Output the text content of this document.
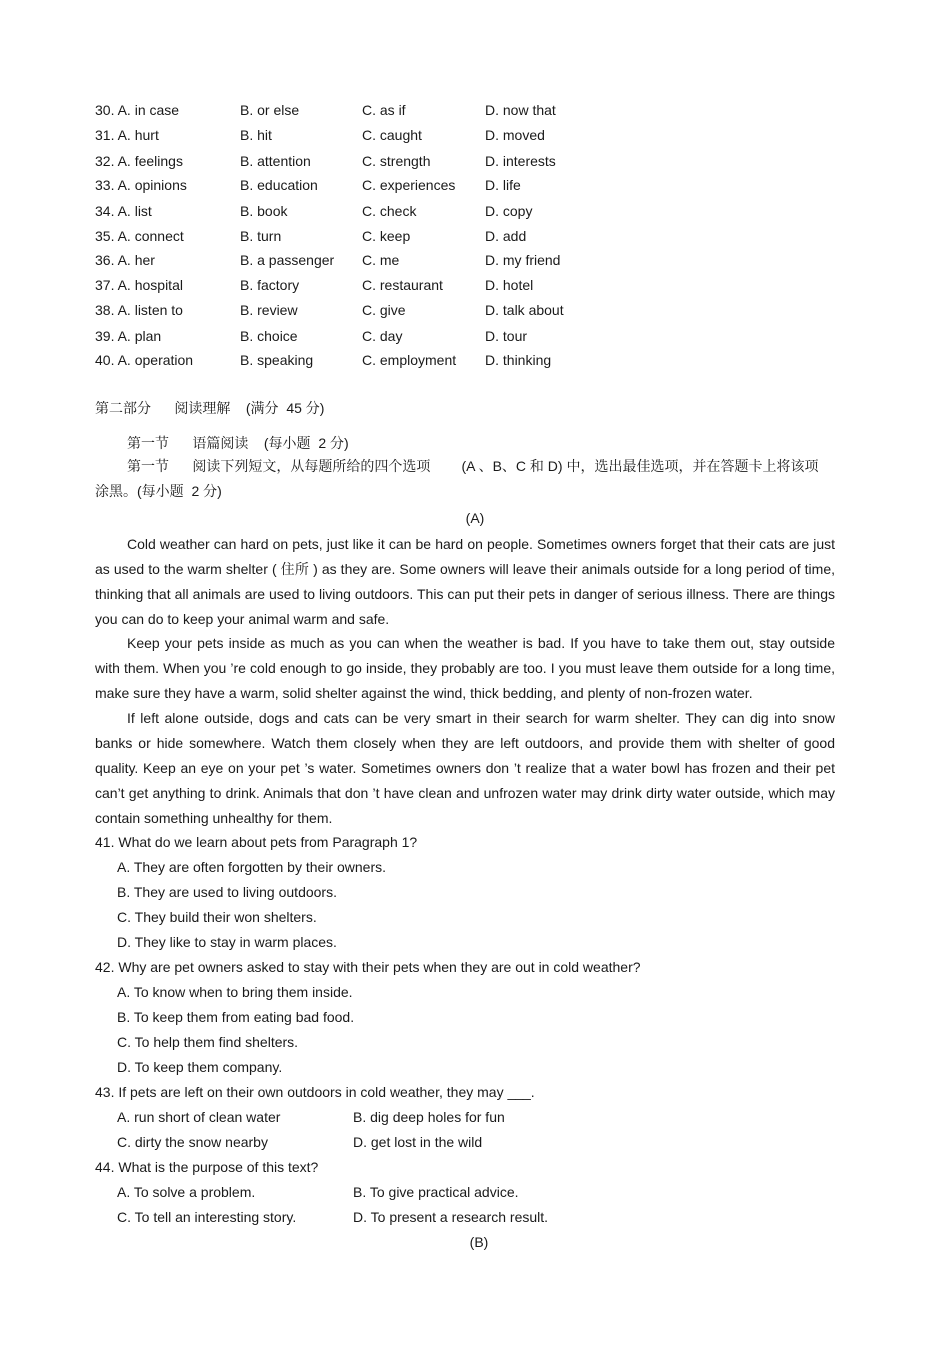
30. A. in case	B. or else	C. as if	D. now that
31. A. hurt	B. hit	C. caught	D. moved
32. A. feelings	B. attention	C. strength	D. interests
33. A. opinions	B. education	C. experiences D. life
34. A. list	B. book	C. check	D. copy
35. A. connect	B. turn	C. keep	D. add
36. A. her	B. a passenger C. me	D. my friend
37. A. hospital	B. factory	C. restaurant	D. hotel
38. A. listen to	B. review	C. give	D. talk about
39. A. plan	B. choice	C. day	D. tour
40. A. operation	B. speaking	C. employment D. thinking
第二部分      阅读理解    (满分  45 分)
第一节      语篇阅读    (每小题  2 分)
第一节      阅读下列短文，从每题所给的四个选项        (A 、B、C 和 D) 中，选出最佳选项，并在答题卡上将该项
涂黑。(每小题  2 分)
(A)

Cold weather can hard on pets, just like it can be hard on people. Sometimes owners forget that their cats are just as used to the warm shelter ( 住所 ) as they are. Some owners will leave their animals outside for a long period of time, thinking that all animals are used to living outdoors. This can put their pets in danger of serious illness. There are things you can do to keep your animal warm and safe.

Keep your pets inside as much as you can when the weather is bad. If you have to take them out, stay outside with them. When you ’re cold enough to go inside, they probably are too. I you must leave them outside for a long time, make sure they have a warm, solid shelter against the wind, thick bedding, and plenty of non-frozen water.

If left alone outside, dogs and cats can be very smart in their search for warm shelter. They can dig into snow banks or hide somewhere. Watch them closely when they are left outdoors, and provide them with shelter of good quality. Keep an eye on your pet ’s water. Sometimes owners don ’t realize that a water bowl has frozen and their pet can’t get anything to drink. Animals that don ’t have clean and unfrozen water may drink dirty water outside, which may contain something unhealthy for them.

41. What do we learn about pets from Paragraph 1?
A. They are often forgotten by their owners.
B. They are used to living outdoors.
C. They build their won shelters.
D. They like to stay in warm places.
42. Why are pet owners asked to stay with their pets when they are out in cold weather?
A. To know when to bring them inside.
B. To keep them from eating bad food.
C. To help them find shelters.
D. To keep them company.
43. If pets are left on their own outdoors in cold weather, they may ___.
A. run short of clean water	B. dig deep holes for fun
C. dirty the snow nearby	D. get lost in the wild
44. What is the purpose of this text?
A. To solve a problem.	B. To give practical advice.
C. To tell an interesting story.	D. To present a research result.
(B)
